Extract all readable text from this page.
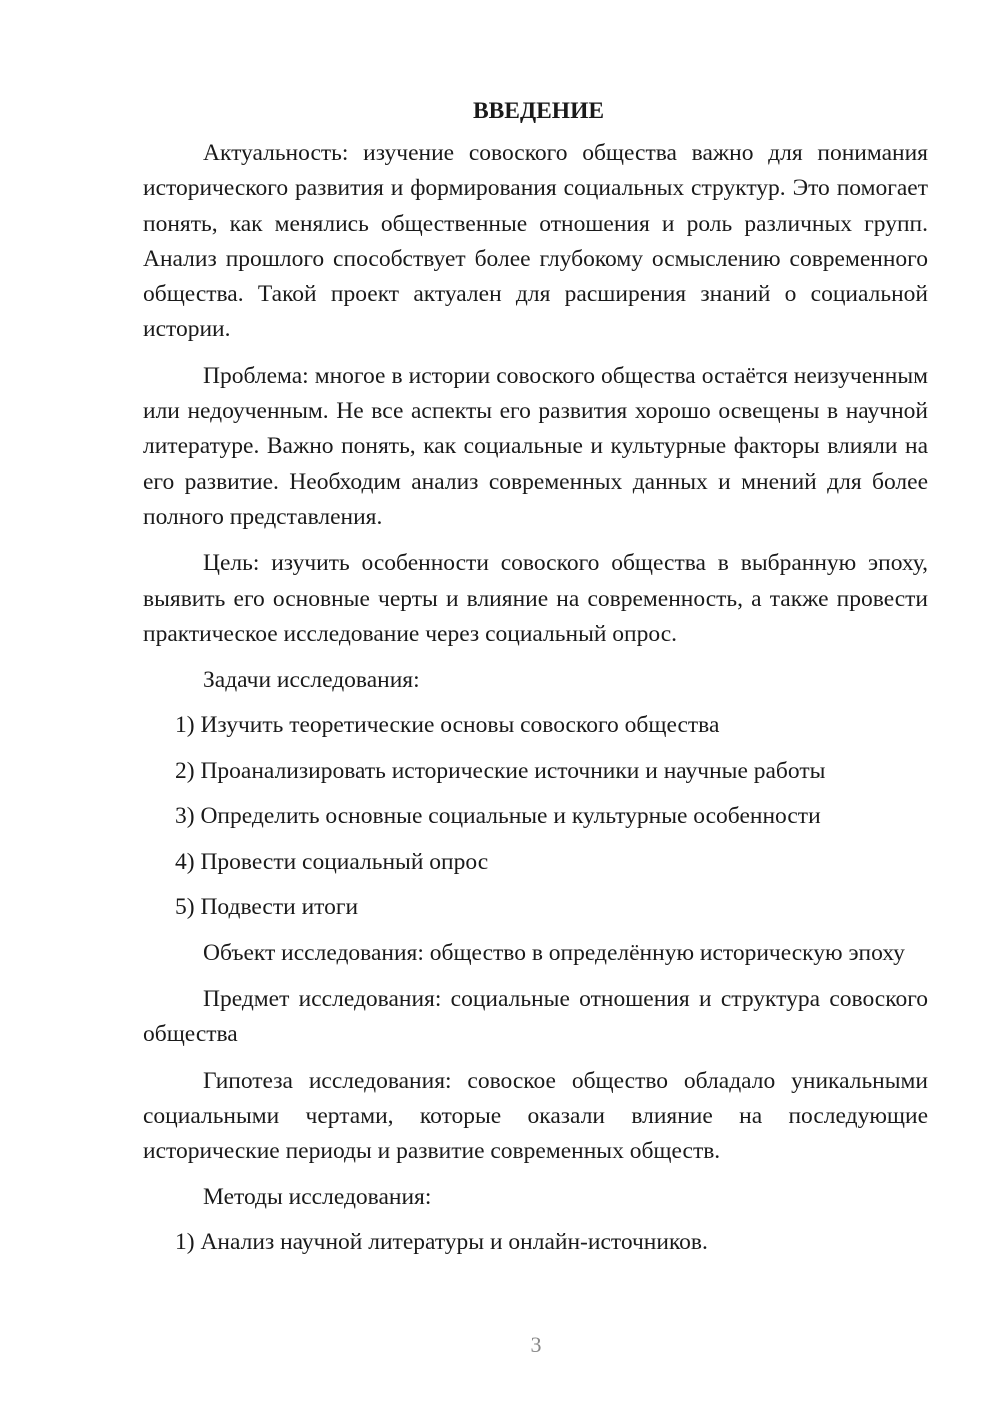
ВВЕДЕНИЕ

Актуальность: изучение совоского общества важно для понимания исторического развития и формирования социальных структур. Это помогает понять, как менялись общественные отношения и роль различных групп. Анализ прошлого способствует более глубокому осмыслению современного общества. Такой проект актуален для расширения знаний о социальной истории.

Проблема: многое в истории совоского общества остаётся неизученным или недоученным. Не все аспекты его развития хорошо освещены в научной литературе. Важно понять, как социальные и культурные факторы влияли на его развитие. Необходим анализ современных данных и мнений для более полного представления.

Цель: изучить особенности совоского общества в выбранную эпоху, выявить его основные черты и влияние на современность, а также провести практическое исследование через социальный опрос.

Задачи исследования:
1) Изучить теоретические основы совоского общества
2) Проанализировать исторические источники и научные работы
3) Определить основные социальные и культурные особенности
4) Провести социальный опрос
5) Подвести итоги

Объект исследования: общество в определённую историческую эпоху

Предмет исследования: социальные отношения и структура совоского общества

Гипотеза исследования: совоское общество обладало уникальными социальными чертами, которые оказали влияние на последующие исторические периоды и развитие современных обществ.

Методы исследования:
1) Анализ научной литературы и онлайн-источников.
3
